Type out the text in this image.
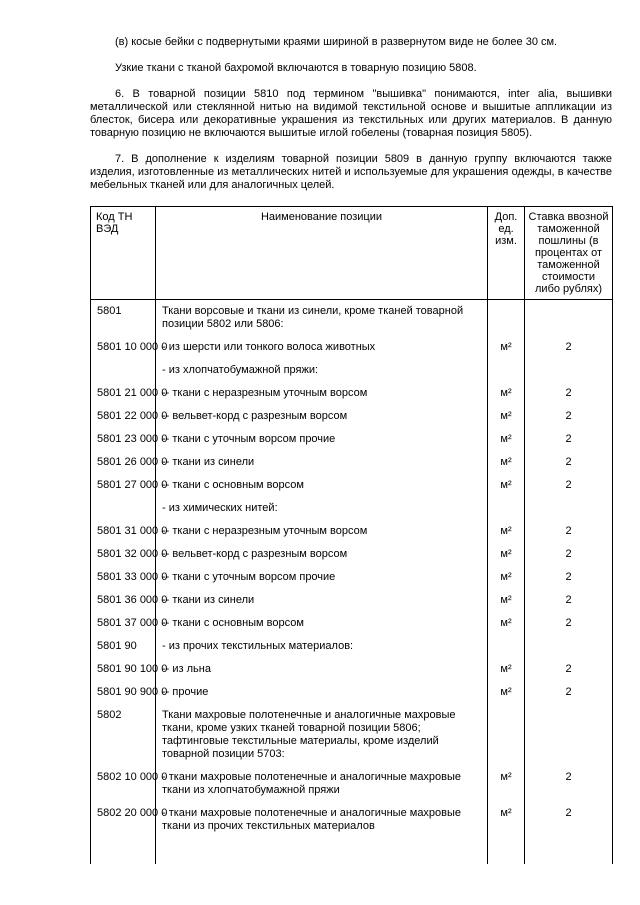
(в) косые бейки с подвернутыми краями шириной в развернутом виде не более 30 см.

Узкие ткани с тканой бахромой включаются в товарную позицию 5808.

6. В товарной позиции 5810 под термином "вышивка" понимаются, inter alia, вышивки металлической или стеклянной нитью на видимой текстильной основе и вышитые аппликации из блесток, бисера или декоративные украшения из текстильных или других материалов. В данную товарную позицию не включаются вышитые иглой гобелены (товарная позиция 5805).

7. В дополнение к изделиям товарной позиции 5809 в данную группу включаются также изделия, изготовленные из металлических нитей и используемые для украшения одежды, в качестве мебельных тканей или для аналогичных целей.

Код ТН ВЭД	Наименование позиции	Доп. ед. изм.	Ставка ввозной таможенной пошлины (в процентах от таможенной стоимости либо рублях)
5801	Ткани ворсовые и ткани из синели, кроме тканей товарной позиции 5802 или 5806:		
5801 10 000 0	- из шерсти или тонкого волоса животных	м²	2
	- из хлопчатобумажной пряжи:		
5801 21 000 0	-- ткани с неразрезным уточным ворсом	м²	2
5801 22 000 0	-- вельвет-корд с разрезным ворсом	м²	2
5801 23 000 0	-- ткани с уточным ворсом прочие	м²	2
5801 26 000 0	-- ткани из синели	м²	2
5801 27 000 0	-- ткани с основным ворсом	м²	2
	- из химических нитей:		
5801 31 000 0	-- ткани с неразрезным уточным ворсом	м²	2
5801 32 000 0	-- вельвет-корд с разрезным ворсом	м²	2
5801 33 000 0	-- ткани с уточным ворсом прочие	м²	2
5801 36 000 0	-- ткани из синели	м²	2
5801 37 000 0	-- ткани с основным ворсом	м²	2
5801 90	- из прочих текстильных материалов:		
5801 90 100 0	-- из льна	м²	2
5801 90 900 0	-- прочие	м²	2
5802	Ткани махровые полотенечные и аналогичные махровые ткани, кроме узких тканей товарной позиции 5806; тафтинговые текстильные материалы, кроме изделий товарной позиции 5703:		
5802 10 000 0	- ткани махровые полотенечные и аналогичные махровые ткани из хлопчатобумажной пряжи	м²	2
5802 20 000 0	- ткани махровые полотенечные и аналогичные махровые ткани из прочих текстильных материалов	м²	2
